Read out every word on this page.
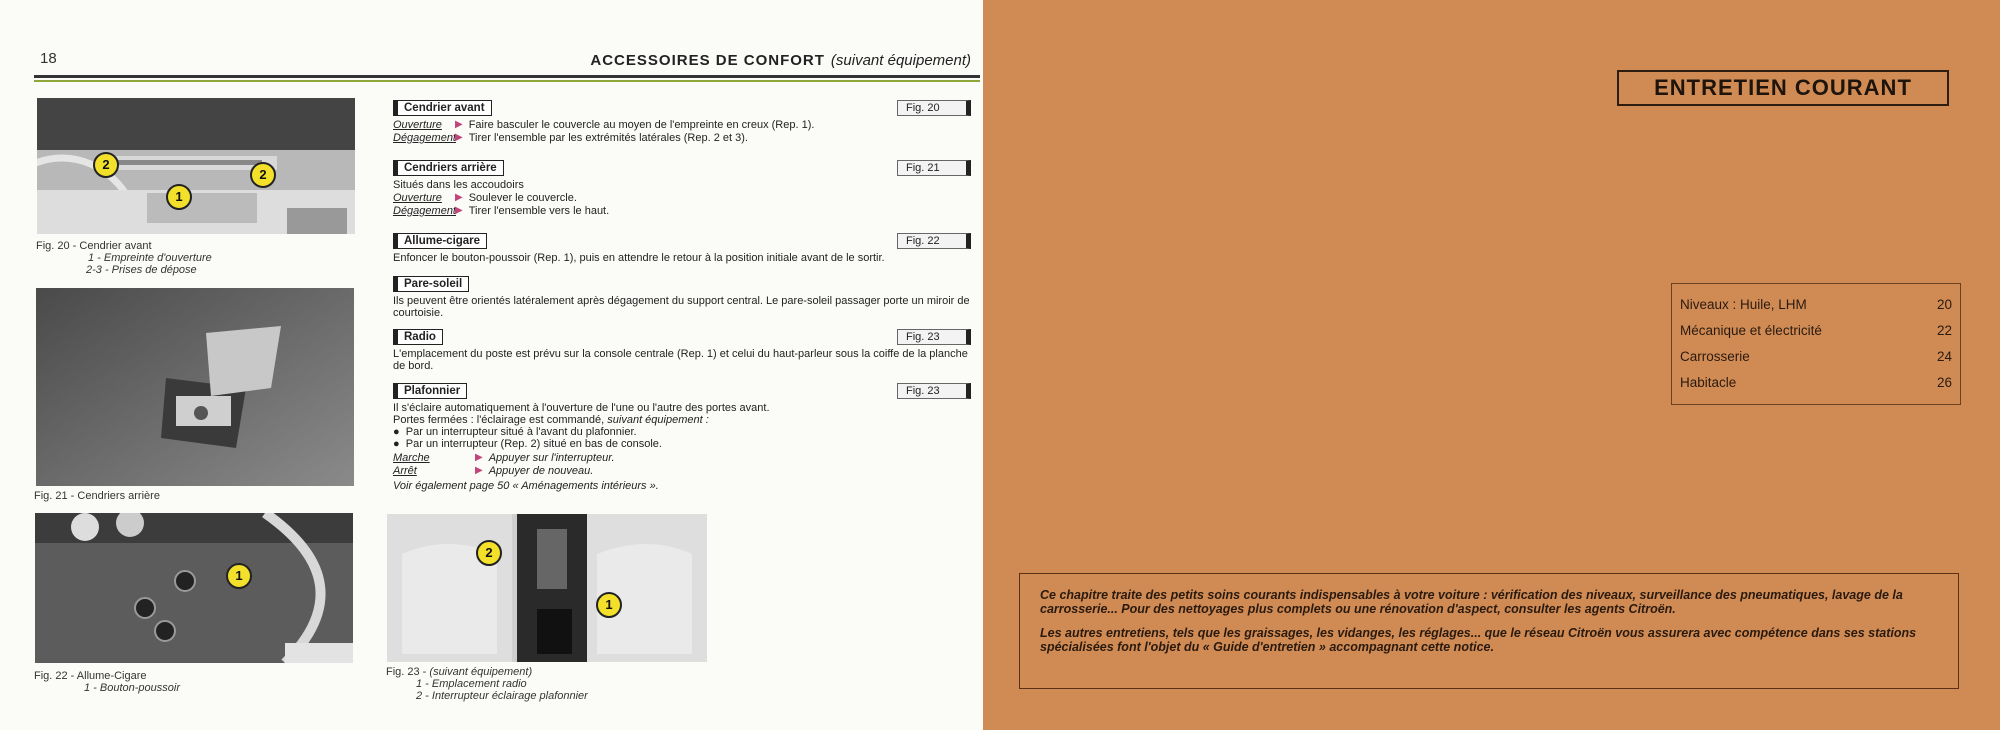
18	ACCESSOIRES DE CONFORT (suivant équipement)
2
1
2
Fig. 20 - Cendrier avant
1 - Empreinte d'ouverture
2-3 - Prises de dépose
Fig. 21 - Cendriers arrière
1
Fig. 22 - Allume-Cigare
1 - Bouton-poussoir
2
1
Fig. 23 - (suivant équipement)
1 - Emplacement radio
2 - Interrupteur éclairage plafonnier
Cendrier avant	Fig. 20
Ouverture	▶ Faire basculer le couvercle au moyen de l'empreinte en creux (Rep. 1).
Dégagement ▶ Tirer l'ensemble par les extrémités latérales (Rep. 2 et 3).
Cendriers arrière	Fig. 21

Situés dans les accoudoirs

Ouverture	▶ Soulever le couvercle.
Dégagement ▶ Tirer l'ensemble vers le haut.
Allume-cigare	Fig. 22

Enfoncer le bouton-poussoir (Rep. 1), puis en attendre le retour à la position initiale avant de le sortir.

Pare-soleil

Ils peuvent être orientés latéralement après dégagement du support central. Le pare-soleil passager porte un miroir de courtoisie.

Radio	Fig. 23

L'emplacement du poste est prévu sur la console centrale (Rep. 1) et celui du haut-parleur sous la coiffe de la planche de bord.

Plafonnier	Fig. 23

Il s'éclaire automatiquement à l'ouverture de l'une ou l'autre des portes avant.

Portes fermées : l'éclairage est commandé, suivant équipement :

●  Par un interrupteur situé à l'avant du plafonnier.

●  Par un interrupteur (Rep. 2) situé en bas de console.

Marche	▶ Appuyer sur l'interrupteur.
Arrêt	▶ Appuyer de nouveau.

Voir également page 50 « Aménagements intérieurs ».

ENTRETIEN COURANT
Niveaux : Huile, LHM	20
Mécanique et électricité	22
Carrosserie	24
Habitacle	26

Ce chapitre traite des petits soins courants indispensables à votre voiture : vérification des niveaux, surveillance des pneumatiques, lavage de la carrosserie... Pour des nettoyages plus complets ou une rénovation d'aspect, consulter les agents Citroën.

Les autres entretiens, tels que les graissages, les vidanges, les réglages... que le réseau Citroën vous assurera avec compétence dans ses stations spécialisées font l'objet du « Guide d'entretien » accompagnant cette notice.
